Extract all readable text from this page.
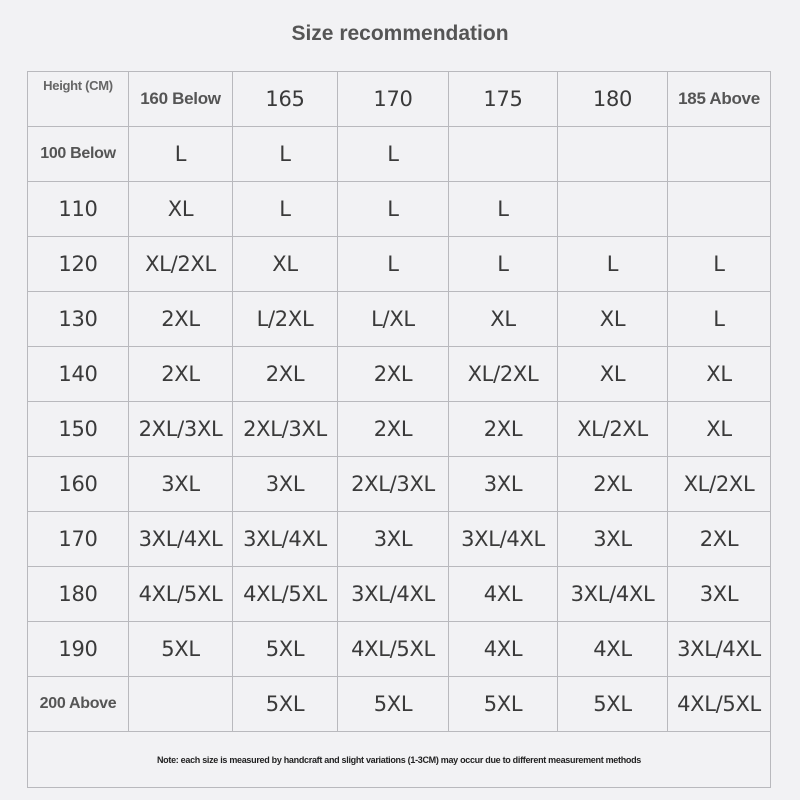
Size recommendation
Height (CM)	160 Below	165	170	175	180	185 Above
100 Below	L	L	L			
110	XL	L	L	L		
120	XL/2XL	XL	L	L	L	L
130	2XL	L/2XL	L/XL	XL	XL	L
140	2XL	2XL	2XL	XL/2XL	XL	XL
150	2XL/3XL	2XL/3XL	2XL	2XL	XL/2XL	XL
160	3XL	3XL	2XL/3XL	3XL	2XL	XL/2XL
170	3XL/4XL	3XL/4XL	3XL	3XL/4XL	3XL	2XL
180	4XL/5XL	4XL/5XL	3XL/4XL	4XL	3XL/4XL	3XL
190	5XL	5XL	4XL/5XL	4XL	4XL	3XL/4XL
200 Above		5XL	5XL	5XL	5XL	4XL/5XL
Note: each size is measured by handcraft and slight variations (1-3CM) may occur due to different measurement methods						
